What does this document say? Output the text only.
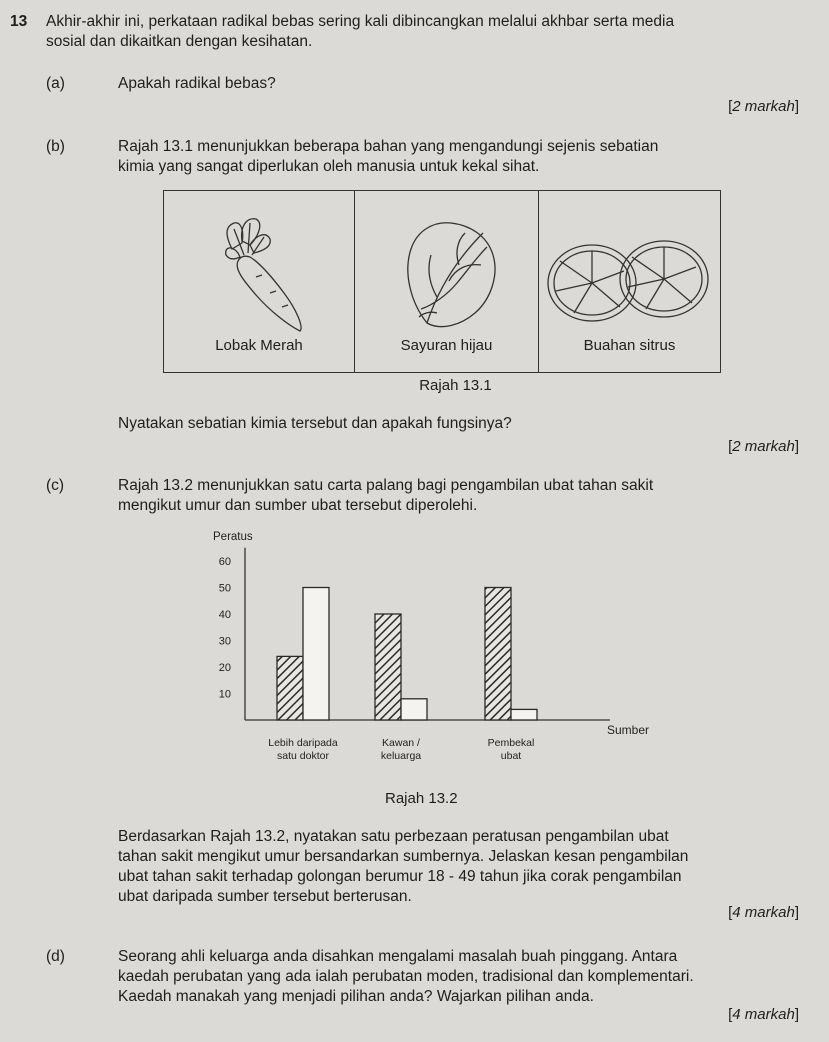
13 Akhir-akhir ini, perkataan radikal bebas sering kali dibincangkan melalui akhbar serta media
sosial dan dikaitkan dengan kesihatan.
(a)	Apakah radikal bebas?
[2 markah]
(b)	Rajah 13.1 menunjukkan beberapa bahan yang mengandungi sejenis sebatian
kimia yang sangat diperlukan oleh manusia untuk kekal sihat.
Lobak Merah	Sayuran hijau	Buahan sitrus
Rajah 13.1
Nyatakan sebatian kimia tersebut dan apakah fungsinya?
[2 markah]
(c)	Rajah 13.2 menunjukkan satu carta palang bagi pengambilan ubat tahan sakit
mengikut umur dan sumber ubat tersebut diperolehi.
Peratus
Sumber
10
20
30
40
50
60
Lebih daripada
satu doktor
Kawan /
keluarga
Pembekal
ubat
Rajah 13.2
Berdasarkan Rajah 13.2, nyatakan satu perbezaan peratusan pengambilan ubat
tahan sakit mengikut umur bersandarkan sumbernya. Jelaskan kesan pengambilan
ubat tahan sakit terhadap golongan berumur 18 - 49 tahun jika corak pengambilan
ubat daripada sumber tersebut berterusan.
[4 markah]
(d)	Seorang ahli keluarga anda disahkan mengalami masalah buah pinggang. Antara
kaedah perubatan yang ada ialah perubatan moden, tradisional dan komplementari.
Kaedah manakah yang menjadi pilihan anda? Wajarkan pilihan anda.
[4 markah]
